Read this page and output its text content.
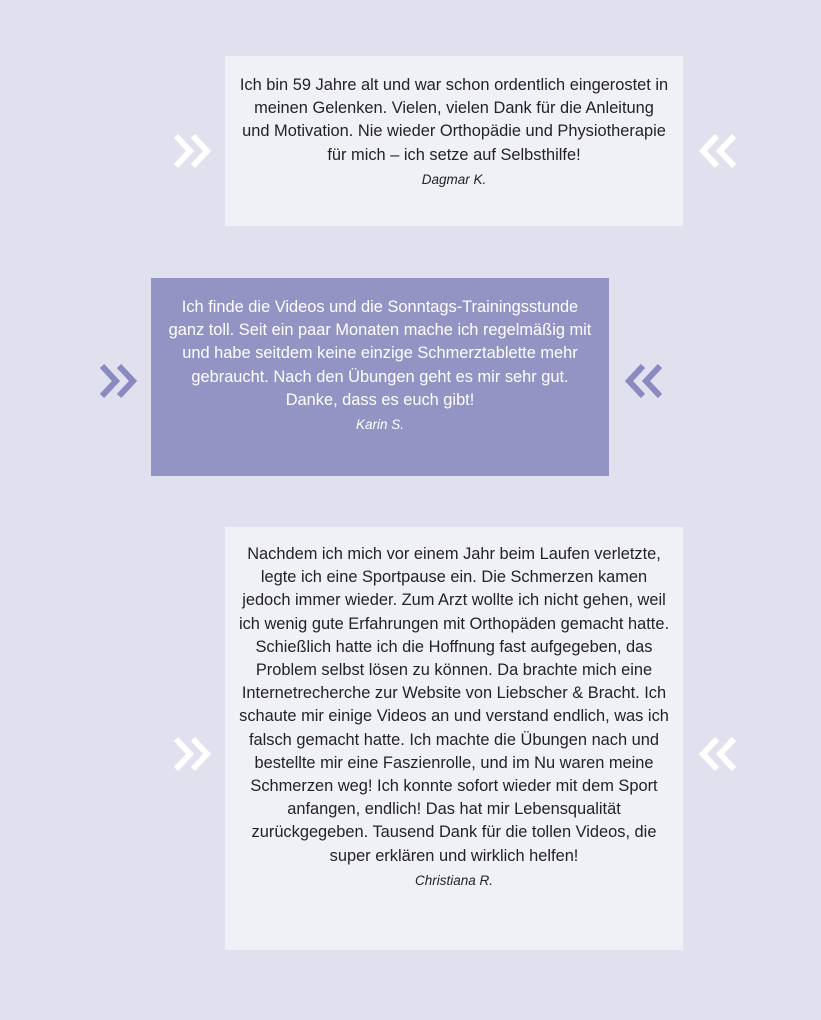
Ich bin 59 Jahre alt und war schon ordentlich eingerostet in meinen Gelenken. Vielen, vielen Dank für die Anleitung und Motivation. Nie wieder Orthopädie und Physiotherapie für mich – ich setze auf Selbsthilfe!

Dagmar K.

Ich finde die Videos und die Sonntags-Trainingsstunde ganz toll. Seit ein paar Monaten mache ich regelmäßig mit und habe seitdem keine einzige Schmerztablette mehr gebraucht. Nach den Übungen geht es mir sehr gut. Danke, dass es euch gibt!

Karin S.

Nachdem ich mich vor einem Jahr beim Laufen verletzte, legte ich eine Sportpause ein. Die Schmerzen kamen jedoch immer wieder. Zum Arzt wollte ich nicht gehen, weil ich wenig gute Erfahrungen mit Orthopäden gemacht hatte. Schießlich hatte ich die Hoffnung fast aufgegeben, das Problem selbst lösen zu können. Da brachte mich eine Internetrecherche zur Website von Liebscher & Bracht. Ich schaute mir einige Videos an und verstand endlich, was ich falsch gemacht hatte. Ich machte die Übungen nach und bestellte mir eine Faszienrolle, und im Nu waren meine Schmerzen weg! Ich konnte sofort wieder mit dem Sport anfangen, endlich! Das hat mir Lebensqualität zurückgegeben. Tausend Dank für die tollen Videos, die super erklären und wirklich helfen!

Christiana R.
